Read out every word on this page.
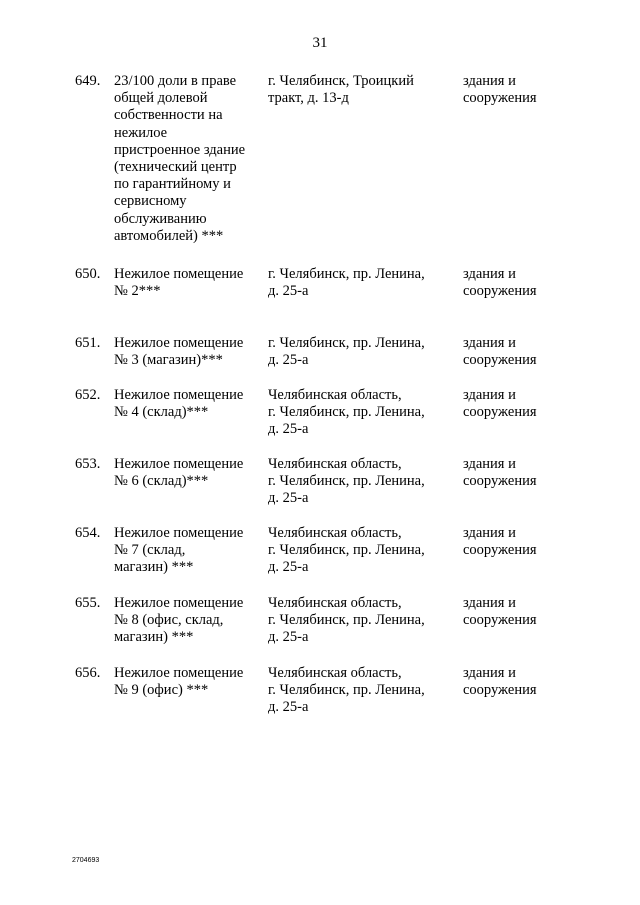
31
649. 23/100 доли в праве
общей долевой
собственности на
нежилое
пристроенное здание
(технический центр
по гарантийному и
сервисному
обслуживанию
автомобилей) ***
г. Челябинск, Троицкий
тракт, д. 13-д
здания и
сооружения
650. Нежилое помещение
№ 2***
г. Челябинск, пр. Ленина,
д. 25-а
здания и
сооружения
651. Нежилое помещение
№ 3 (магазин)***
г. Челябинск, пр. Ленина,
д. 25-а
здания и
сооружения
652. Нежилое помещение
№ 4 (склад)***
Челябинская область,
г. Челябинск, пр. Ленина,
д. 25-а
здания и
сооружения
653. Нежилое помещение
№ 6 (склад)***
Челябинская область,
г. Челябинск, пр. Ленина,
д. 25-а
здания и
сооружения
654. Нежилое помещение
№ 7 (склад,
магазин) ***
Челябинская область,
г. Челябинск, пр. Ленина,
д. 25-а
здания и
сооружения
655. Нежилое помещение
№ 8 (офис, склад,
магазин) ***
Челябинская область,
г. Челябинск, пр. Ленина,
д. 25-а
здания и
сооружения
656. Нежилое помещение
№ 9 (офис) ***
Челябинская область,
г. Челябинск, пр. Ленина,
д. 25-а
здания и
сооружения
2704693
